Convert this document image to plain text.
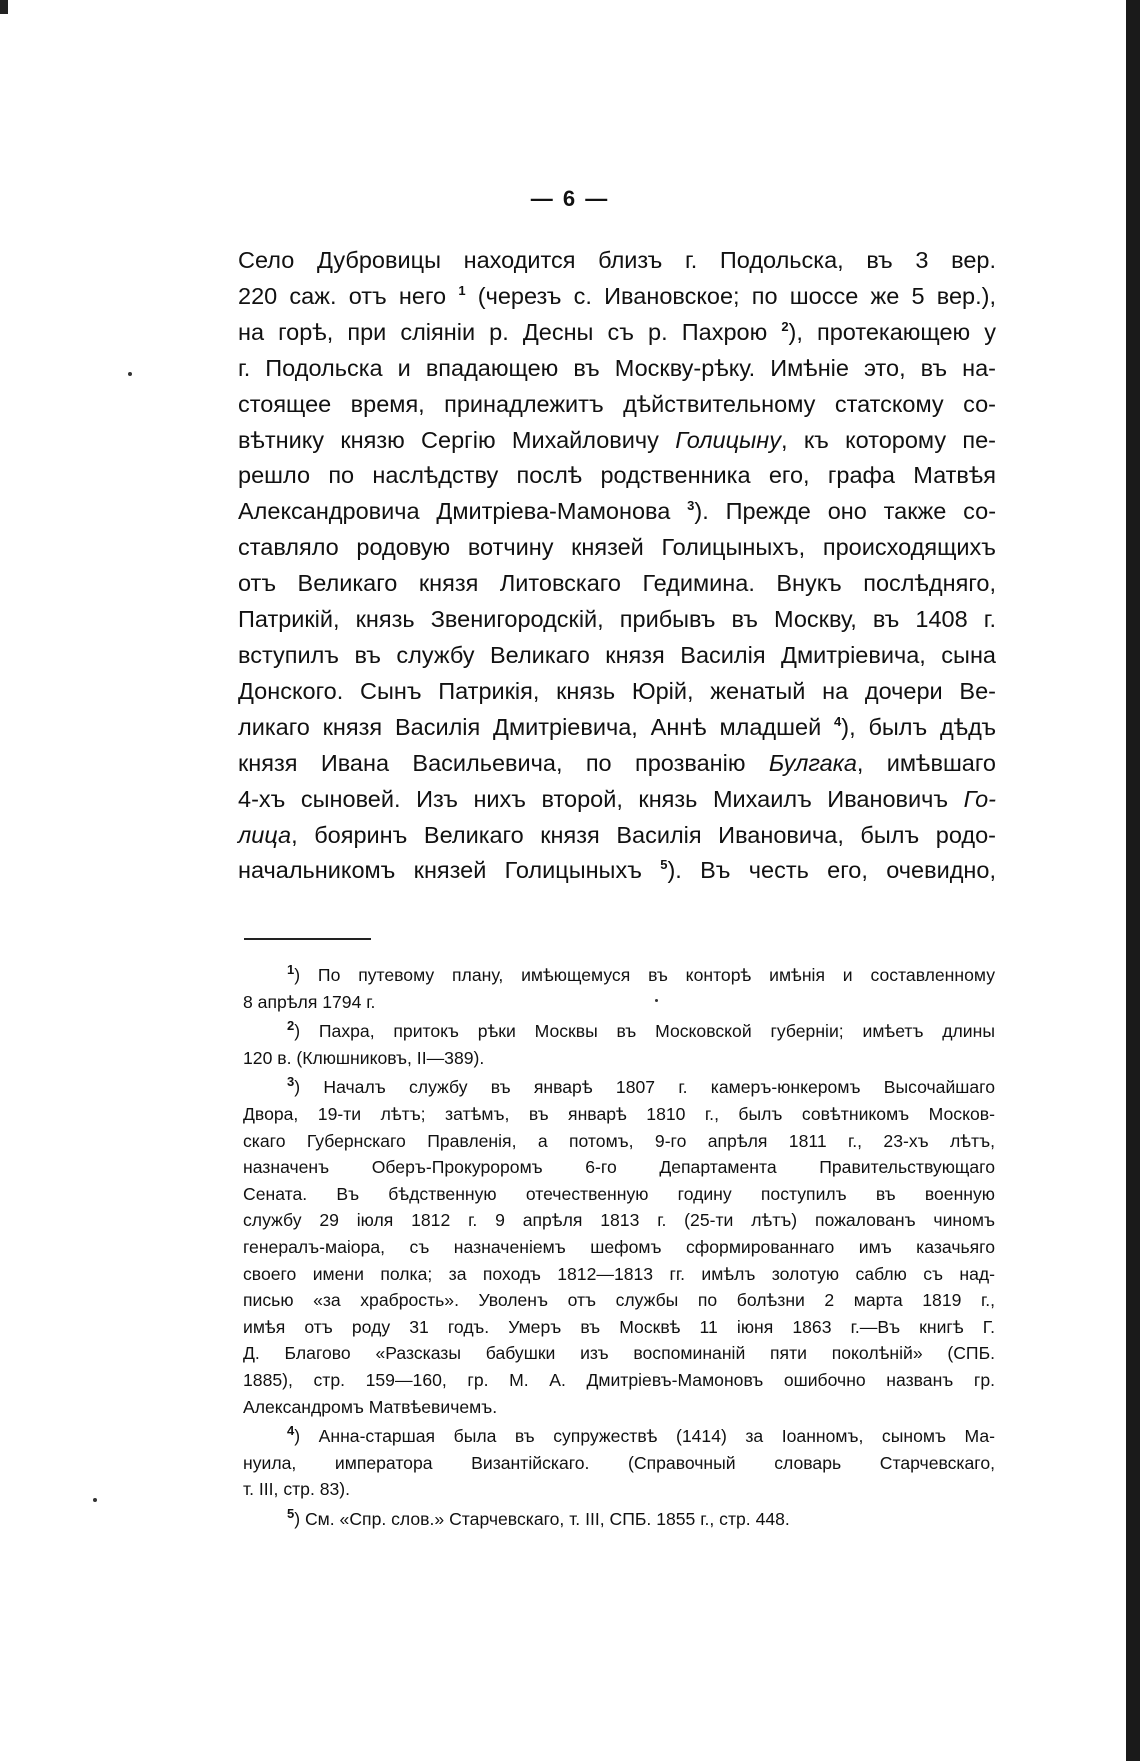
— 6 —
Село Дубровицы находится близъ г. Подольска, въ 3 вер.
220 саж. отъ него $^1$ (черезъ с. Ивановское; по шоссе же 5 вер.),
на горѣ, при сліяніи р. Десны съ р. Пахрою $^2$), протекающею у
г. Подольска и впадающею въ Москву-рѣку. Имѣніе это, въ на-
стоящее время, принадлежитъ дѣйствительному статскому со-
вѣтнику князю Сергію Михайловичу Голицыну, къ которому пе-
решло по наслѣдству послѣ родственника его, графа Матвѣя
Александровича Дмитріева-Мамонова $^3$). Прежде оно также со-
ставляло родовую вотчину князей Голицыныхъ, происходящихъ
отъ Великаго князя Литовскаго Гедимина. Внукъ послѣдняго,
Патрикій, князь Звенигородскій, прибывъ въ Москву, въ 1408 г.
вступилъ въ службу Великаго князя Василія Дмитріевича, сына
Донского. Сынъ Патрикія, князь Юрій, женатый на дочери Ве-
ликаго князя Василія Дмитріевича, Аннѣ младшей $^4$), былъ дѣдъ
князя Ивана Васильевича, по прозванію Булгака, имѣвшаго
4-хъ сыновей. Изъ нихъ второй, князь Михаилъ Ивановичъ Го-
лица, бояринъ Великаго князя Василія Ивановича, былъ родо-
начальникомъ князей Голицыныхъ $^5$). Въ честь его, очевидно,
$^1$) По путевому плану, имѣющемуся въ конторѣ имѣнія и составленному
8 апрѣля 1794 г.
$^2$) Пахра, притокъ рѣки Москвы въ Московской губерніи; имѣетъ длины
120 в. (Клюшниковъ, II—389).
$^3$) Началъ службу въ январѣ 1807 г. камеръ-юнкеромъ Высочайшаго
Двора, 19-ти лѣтъ; затѣмъ, въ январѣ 1810 г., былъ совѣтникомъ Москов-
скаго Губернскаго Правленія, а потомъ, 9-го апрѣля 1811 г., 23-хъ лѣтъ,
назначенъ Оберъ-Прокуроромъ 6-го Департамента Правительствующаго
Сената. Въ бѣдственную отечественную годину поступилъ въ военную
службу 29 іюля 1812 г. 9 апрѣля 1813 г. (25-ти лѣтъ) пожалованъ чиномъ
генералъ-маіора, съ назначеніемъ шефомъ сформированнаго имъ казачьяго
своего имени полка; за походъ 1812—1813 гг. имѣлъ золотую саблю съ над-
писью «за храбрость». Уволенъ отъ службы по болѣзни 2 марта 1819 г.,
имѣя отъ роду 31 годъ. Умеръ въ Москвѣ 11 іюня 1863 г.—Въ книгѣ Г.
Д. Благово «Разсказы бабушки изъ воспоминаній пяти поколѣній» (СПБ.
1885), стр. 159—160, гр. М. А. Дмитріевъ-Мамоновъ ошибочно названъ гр.
Александромъ Матвѣевичемъ.
$^4$) Анна-старшая была въ супружествѣ (1414) за Іоанномъ, сыномъ Ма-
нуила, императора Византійскаго. (Справочный словарь Старчевскаго,
т. III, стр. 83).
$^5$) См. «Спр. слов.» Старчевскаго, т. III, СПБ. 1855 г., стр. 448.
